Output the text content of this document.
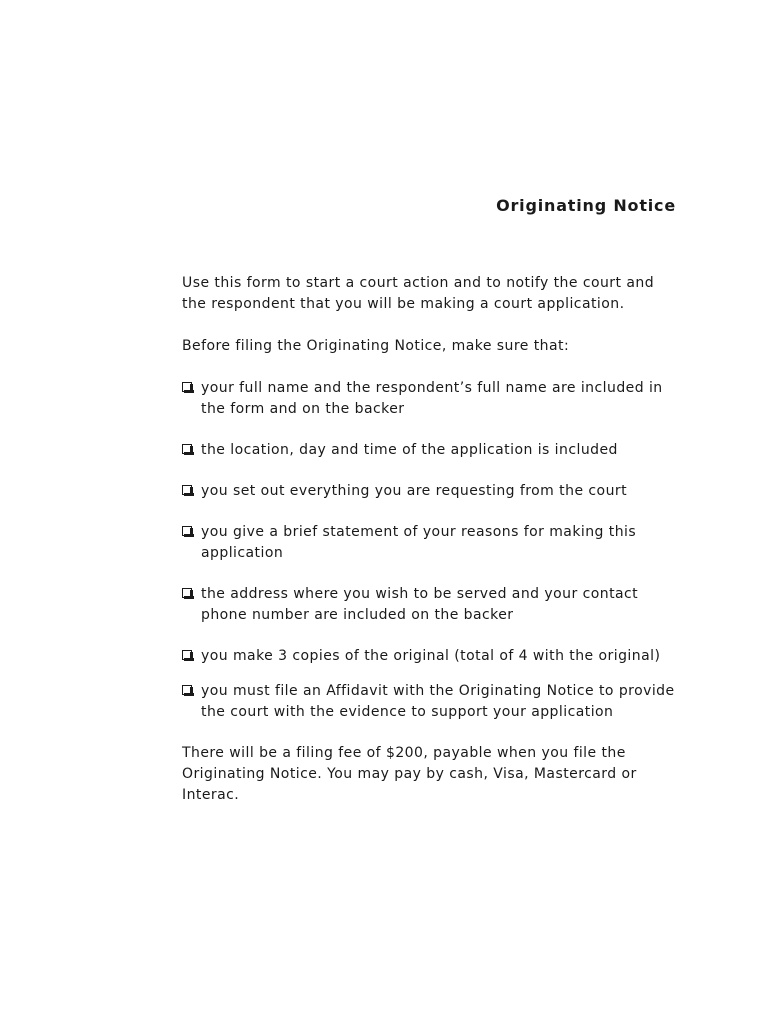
Originating Notice

Use this form to start a court action and to notify the court and the respondent that you will be making a court application.

Before filing the Originating Notice, make sure that:

your full name and the respondent’s full name are included in the form and on the backer
the location, day and time of the application is included
you set out everything you are requesting from the court
you give a brief statement of your reasons for making this application
the address where you wish to be served and your contact phone number are included on the backer
you make 3 copies of the original (total of 4 with the original)
you must file an Affidavit with the Originating Notice to provide the court with the evidence to support your application

There will be a filing fee of $200, payable when you file the Originating Notice. You may pay by cash, Visa, Mastercard or Interac.
